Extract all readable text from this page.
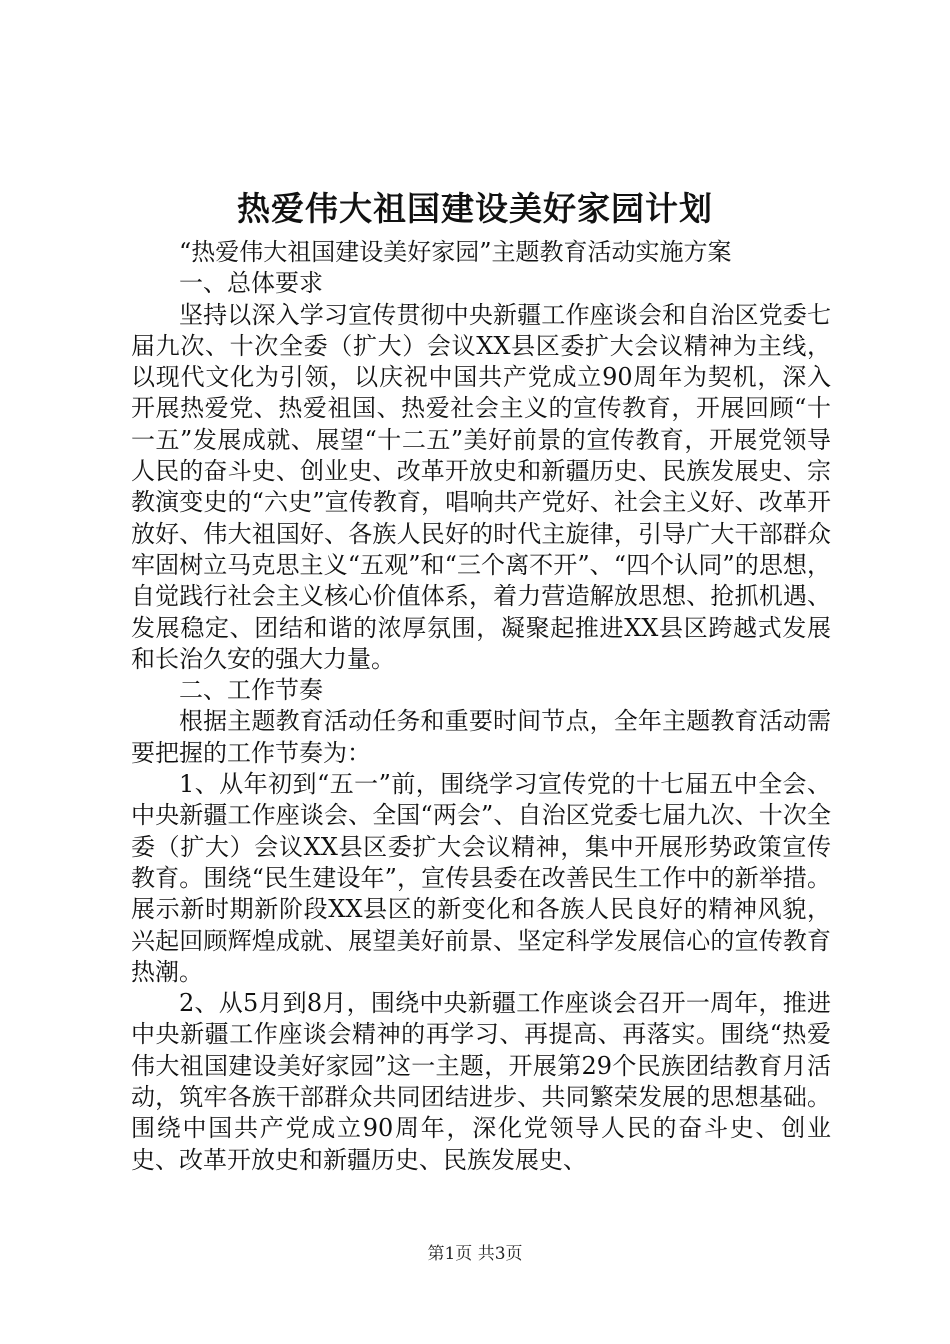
热爱伟大祖国建设美好家园计划

“热爱伟大祖国建设美好家园”主题教育活动实施方案

一、总体要求

坚持以深入学习宣传贯彻中央新疆工作座谈会和自治区党委七届九次、十次全委（扩大）会议XX县区委扩大会议精神为主线，以现代文化为引领，以庆祝中国共产党成立90周年为契机，深入开展热爱党、热爱祖国、热爱社会主义的宣传教育，开展回顾“十一五”发展成就、展望“十二五”美好前景的宣传教育，开展党领导人民的奋斗史、创业史、改革开放史和新疆历史、民族发展史、宗教演变史的“六史”宣传教育，唱响共产党好、社会主义好、改革开放好、伟大祖国好、各族人民好的时代主旋律，引导广大干部群众牢固树立马克思主义“五观”和“三个离不开”、“四个认同”的思想，自觉践行社会主义核心价值体系，着力营造解放思想、抢抓机遇、发展稳定、团结和谐的浓厚氛围，凝聚起推进XX县区跨越式发展和长治久安的强大力量。

二、工作节奏

根据主题教育活动任务和重要时间节点，全年主题教育活动需要把握的工作节奏为：

1、从年初到“五一”前，围绕学习宣传党的十七届五中全会、中央新疆工作座谈会、全国“两会”、自治区党委七届九次、十次全委（扩大）会议XX县区委扩大会议精神，集中开展形势政策宣传教育。围绕“民生建设年”，宣传县委在改善民生工作中的新举措。展示新时期新阶段XX县区的新变化和各族人民良好的精神风貌，兴起回顾辉煌成就、展望美好前景、坚定科学发展信心的宣传教育热潮。

2、从5月到8月，围绕中央新疆工作座谈会召开一周年，推进中央新疆工作座谈会精神的再学习、再提高、再落实。围绕“热爱伟大祖国建设美好家园”这一主题，开展第29个民族团结教育月活动，筑牢各族干部群众共同团结进步、共同繁荣发展的思想基础。围绕中国共产党成立90周年，深化党领导人民的奋斗史、创业史、改革开放史和新疆历史、民族发展史、

第1页 共3页
